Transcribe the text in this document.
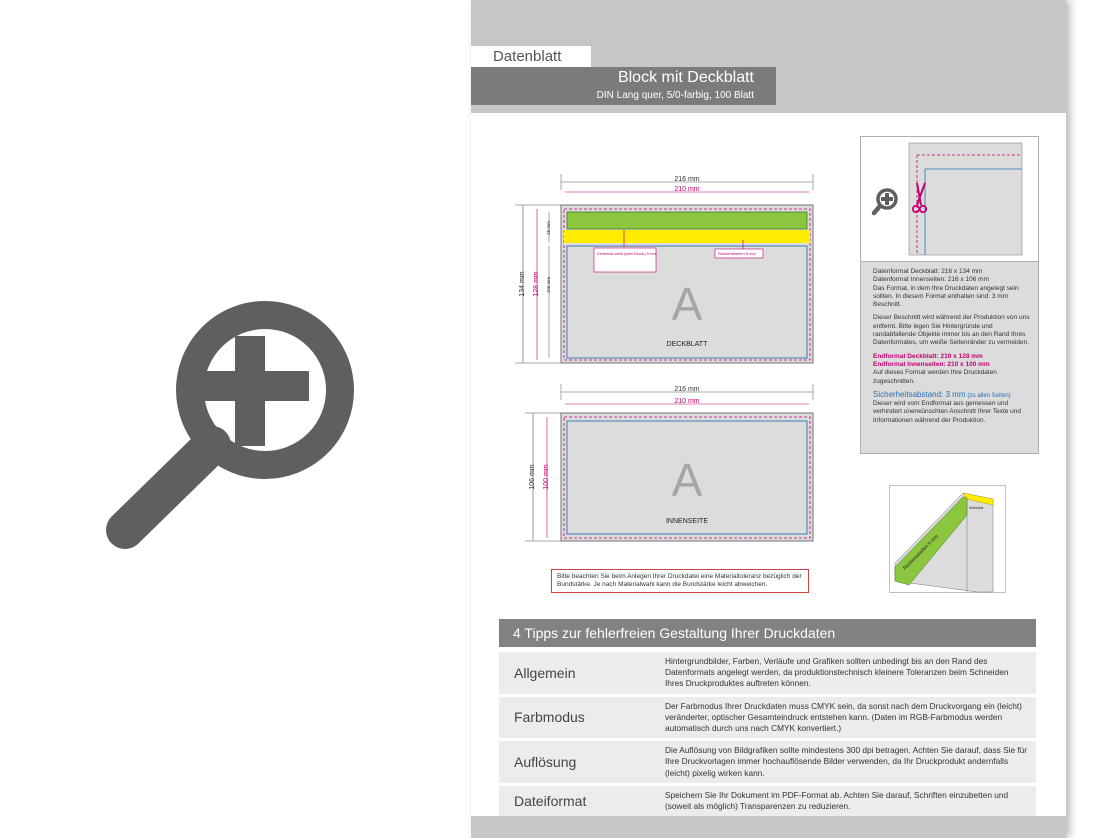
Datenblatt
Block mit Deckblatt
DIN Lang quer, 5/0-farbig, 100 Blatt
216 mm
210 mm
Klebefalz weiß (kein Druck) 5 mm	Rückenstreifen 5 mm
A
DECKBLATT
134 mm 128 mm
28 mm
106 mm
216 mm
210 mm
A
INNENSEITE
106 mm 100 mm

Datenformat Deckblatt: 216 x 134 mm
Datenformat Innenseiten: 216 x 106 mm
Das Format, in dem Ihre Druckdaten angelegt sein sollten. In diesem Format enthalten sind: 3 mm Beschnitt.

Dieser Beschnitt wird während der Produktion von uns entfernt. Bitte legen Sie Hintergründe und randabfallende Objekte immer bis an den Rand Ihres Datenformates, um weiße Seitenränder zu vermeiden.

Endformat Deckblatt: 210 x 128 mm
Endformat Innenseiten: 210 x 100 mm
Auf dieses Format werden Ihre Druckdaten zugeschnitten.

Sicherheitsabstand: 3 mm (zu allen Seiten)
Dieser wird vom Endformat aus gemessen und verhindert unerwünschten Anschnitt Ihrer Texte und Informationen während der Produktion.

Rückenstreifen 5 mm
Klebefalz
Bitte beachten Sie beim Anlegen Ihrer Druckdatei eine Materialtoleranz bezüglich der Bundstärke. Je nach Materialwahl kann die Bundstärke leicht abweichen.
4 Tipps zur fehlerfreien Gestaltung Ihrer Druckdaten
Allgemein
Hintergrundbilder, Farben, Verläufe und Grafiken sollten unbedingt bis an den Rand des Datenformats angelegt werden, da produktionstechnisch kleinere Toleranzen beim Schneiden Ihres Druckproduktes auftreten können.
Farbmodus
Der Farbmodus Ihrer Druckdaten muss CMYK sein, da sonst nach dem Druckvorgang ein (leicht) veränderter, optischer Gesamteindruck entstehen kann. (Daten im RGB-Farbmodus werden automatisch durch uns nach CMYK konvertiert.)
Auflösung
Die Auflösung von Bildgrafiken sollte mindestens 300 dpi betragen. Achten Sie darauf, dass Sie für Ihre Druckvorlagen immer hochauflösende Bilder verwenden, da Ihr Druckprodukt andernfalls (leicht) pixelig wirken kann.
Dateiformat	Speichern Sie Ihr Dokument im PDF-Format ab. Achten Sie darauf, Schriften einzubetten und (soweit als möglich) Transparenzen zu reduzieren.
